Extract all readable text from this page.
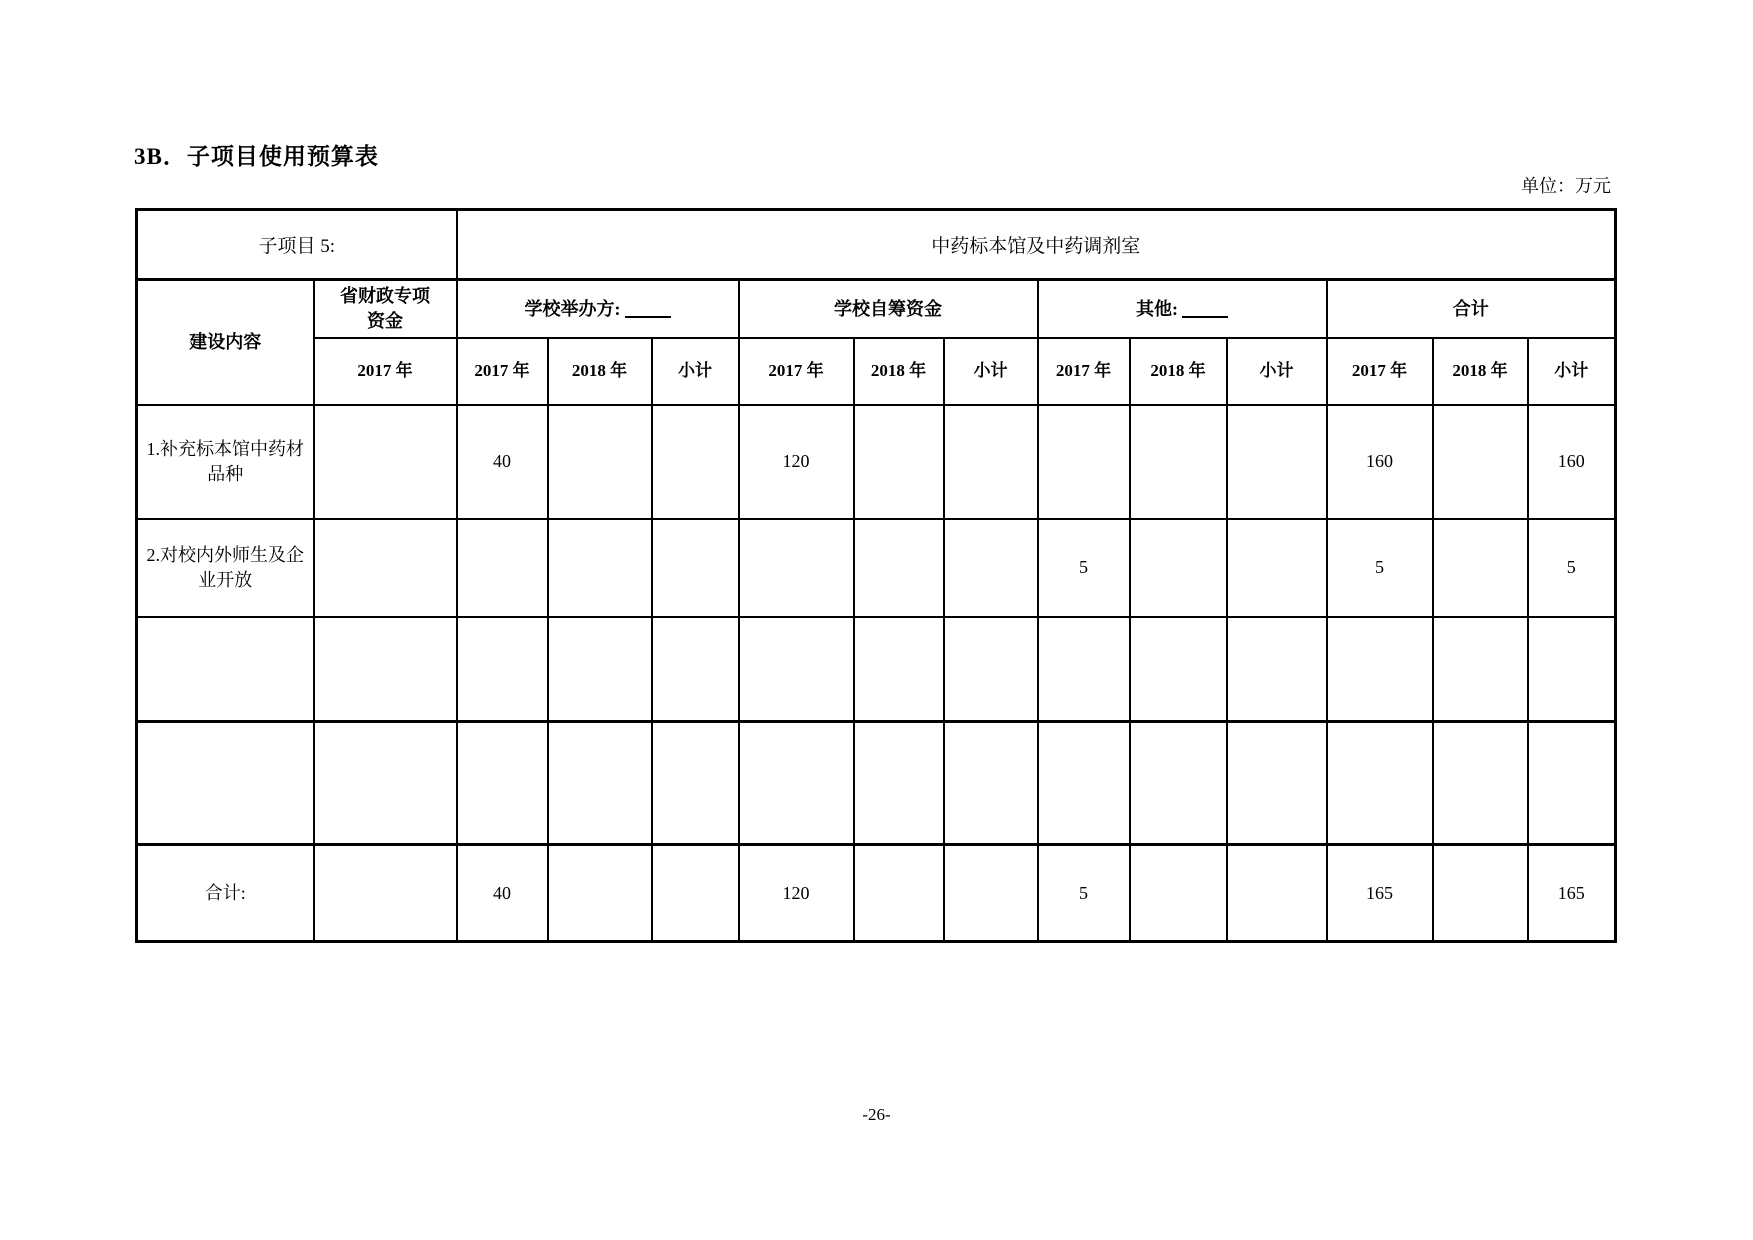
3B．子项目使用预算表
单位：万元
子项目 5:		中药标本馆及中药调剂室											
建设内容	省财政专项资金	学校举办方:			学校自筹资金			其他:			合计		
	2017 年	2017 年	2018 年	小计	2017 年	2018 年	小计	2017 年	2018 年	小计	2017 年	2018 年	小计
1.补充标本馆中药材品种		40			120						160		160
2.对校内外师生及企业开放								5			5		5

合计:		40			120			5			165		165
-26-
